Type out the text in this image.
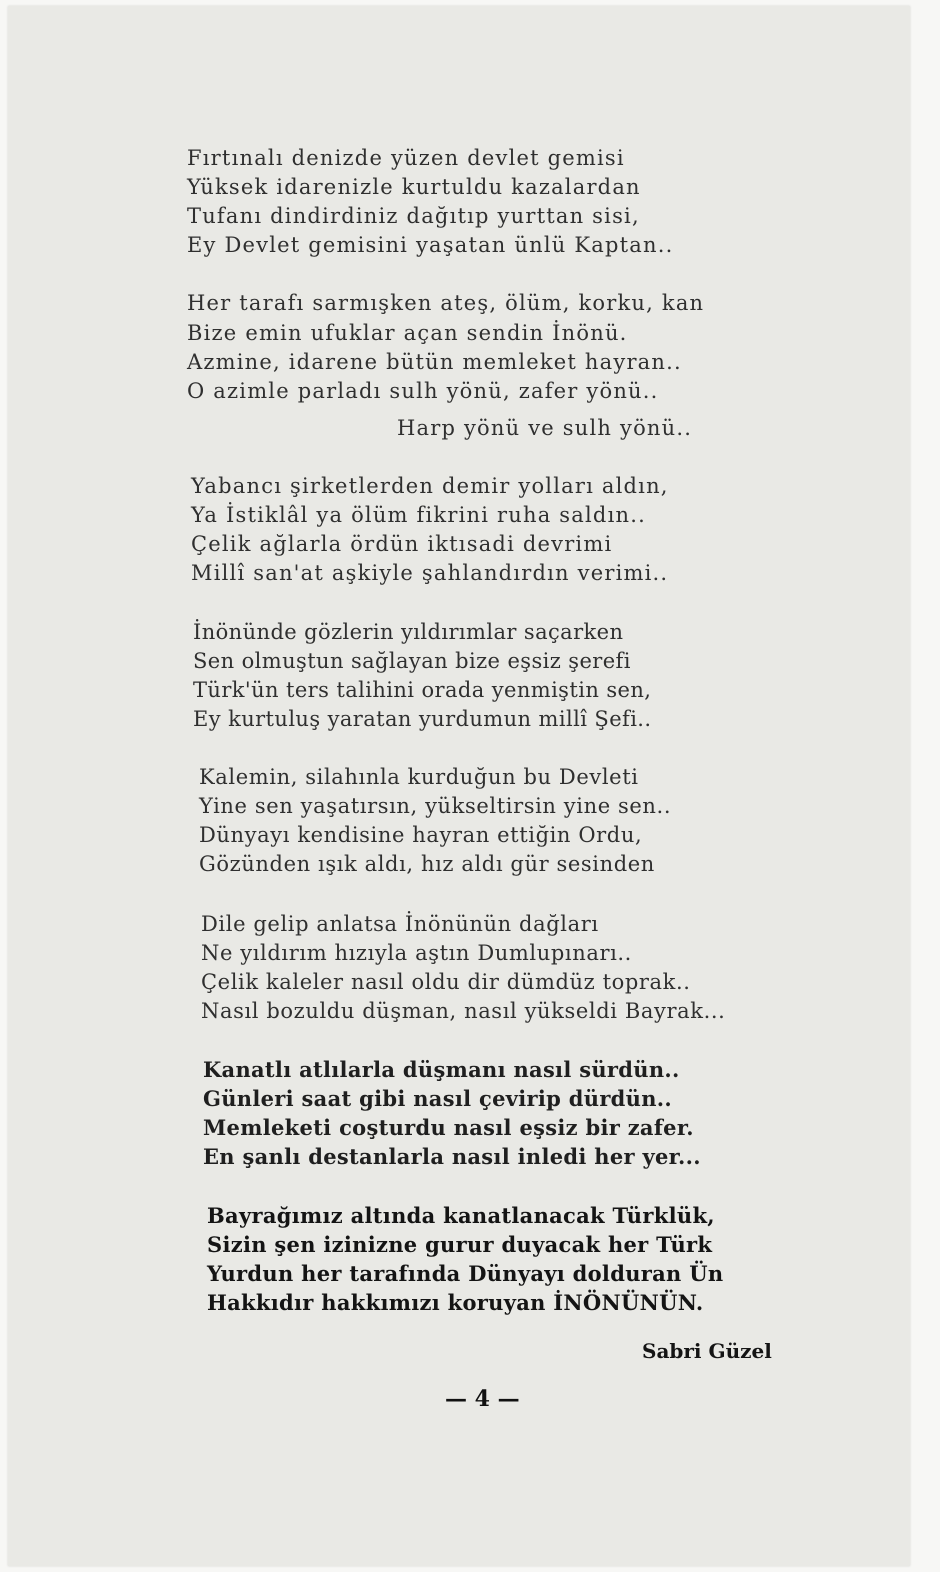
Fırtınalı denizde yüzen devlet gemisi
Yüksek idarenizle kurtuldu kazalardan
Tufanı dindirdiniz dağıtıp yurttan sisi,
Ey Devlet gemisini yaşatan ünlü Kaptan..
Her tarafı sarmışken ateş, ölüm, korku, kan
Bize emin ufuklar açan sendin İnönü.
Azmine, idarene bütün memleket hayran..
O azimle parladı sulh yönü, zafer yönü..
Harp yönü ve sulh yönü..
Yabancı şirketlerden demir yolları aldın,
Ya İstiklâl ya ölüm fikrini ruha saldın..
Çelik ağlarla ördün iktısadi devrimi
Millî san'at aşkiyle şahlandırdın verimi..
İnönünde gözlerin yıldırımlar saçarken
Sen olmuştun sağlayan bize eşsiz şerefi
Türk'ün ters talihini orada yenmiştin sen,
Ey kurtuluş yaratan yurdumun millî Şefi..
Kalemin, silahınla kurduğun bu Devleti
Yine sen yaşatırsın, yükseltirsin yine sen..
Dünyayı kendisine hayran ettiğin Ordu,
Gözünden ışık aldı, hız aldı gür sesinden
Dile gelip anlatsa İnönünün dağları
Ne yıldırım hızıyla aştın Dumlupınarı..
Çelik kaleler nasıl oldu dir dümdüz toprak..
Nasıl bozuldu düşman, nasıl yükseldi Bayrak...
Kanatlı atlılarla düşmanı nasıl sürdün..
Günleri saat gibi nasıl çevirip dürdün..
Memleketi coşturdu nasıl eşsiz bir zafer.
En şanlı destanlarla nasıl inledi her yer...
Bayrağımız altında kanatlanacak Türklük,
Sizin şen izinizne gurur duyacak her Türk
Yurdun her tarafında Dünyayı dolduran Ün
Hakkıdır hakkımızı koruyan İNÖNÜNÜN.
Sabri Güzel
— 4 —
